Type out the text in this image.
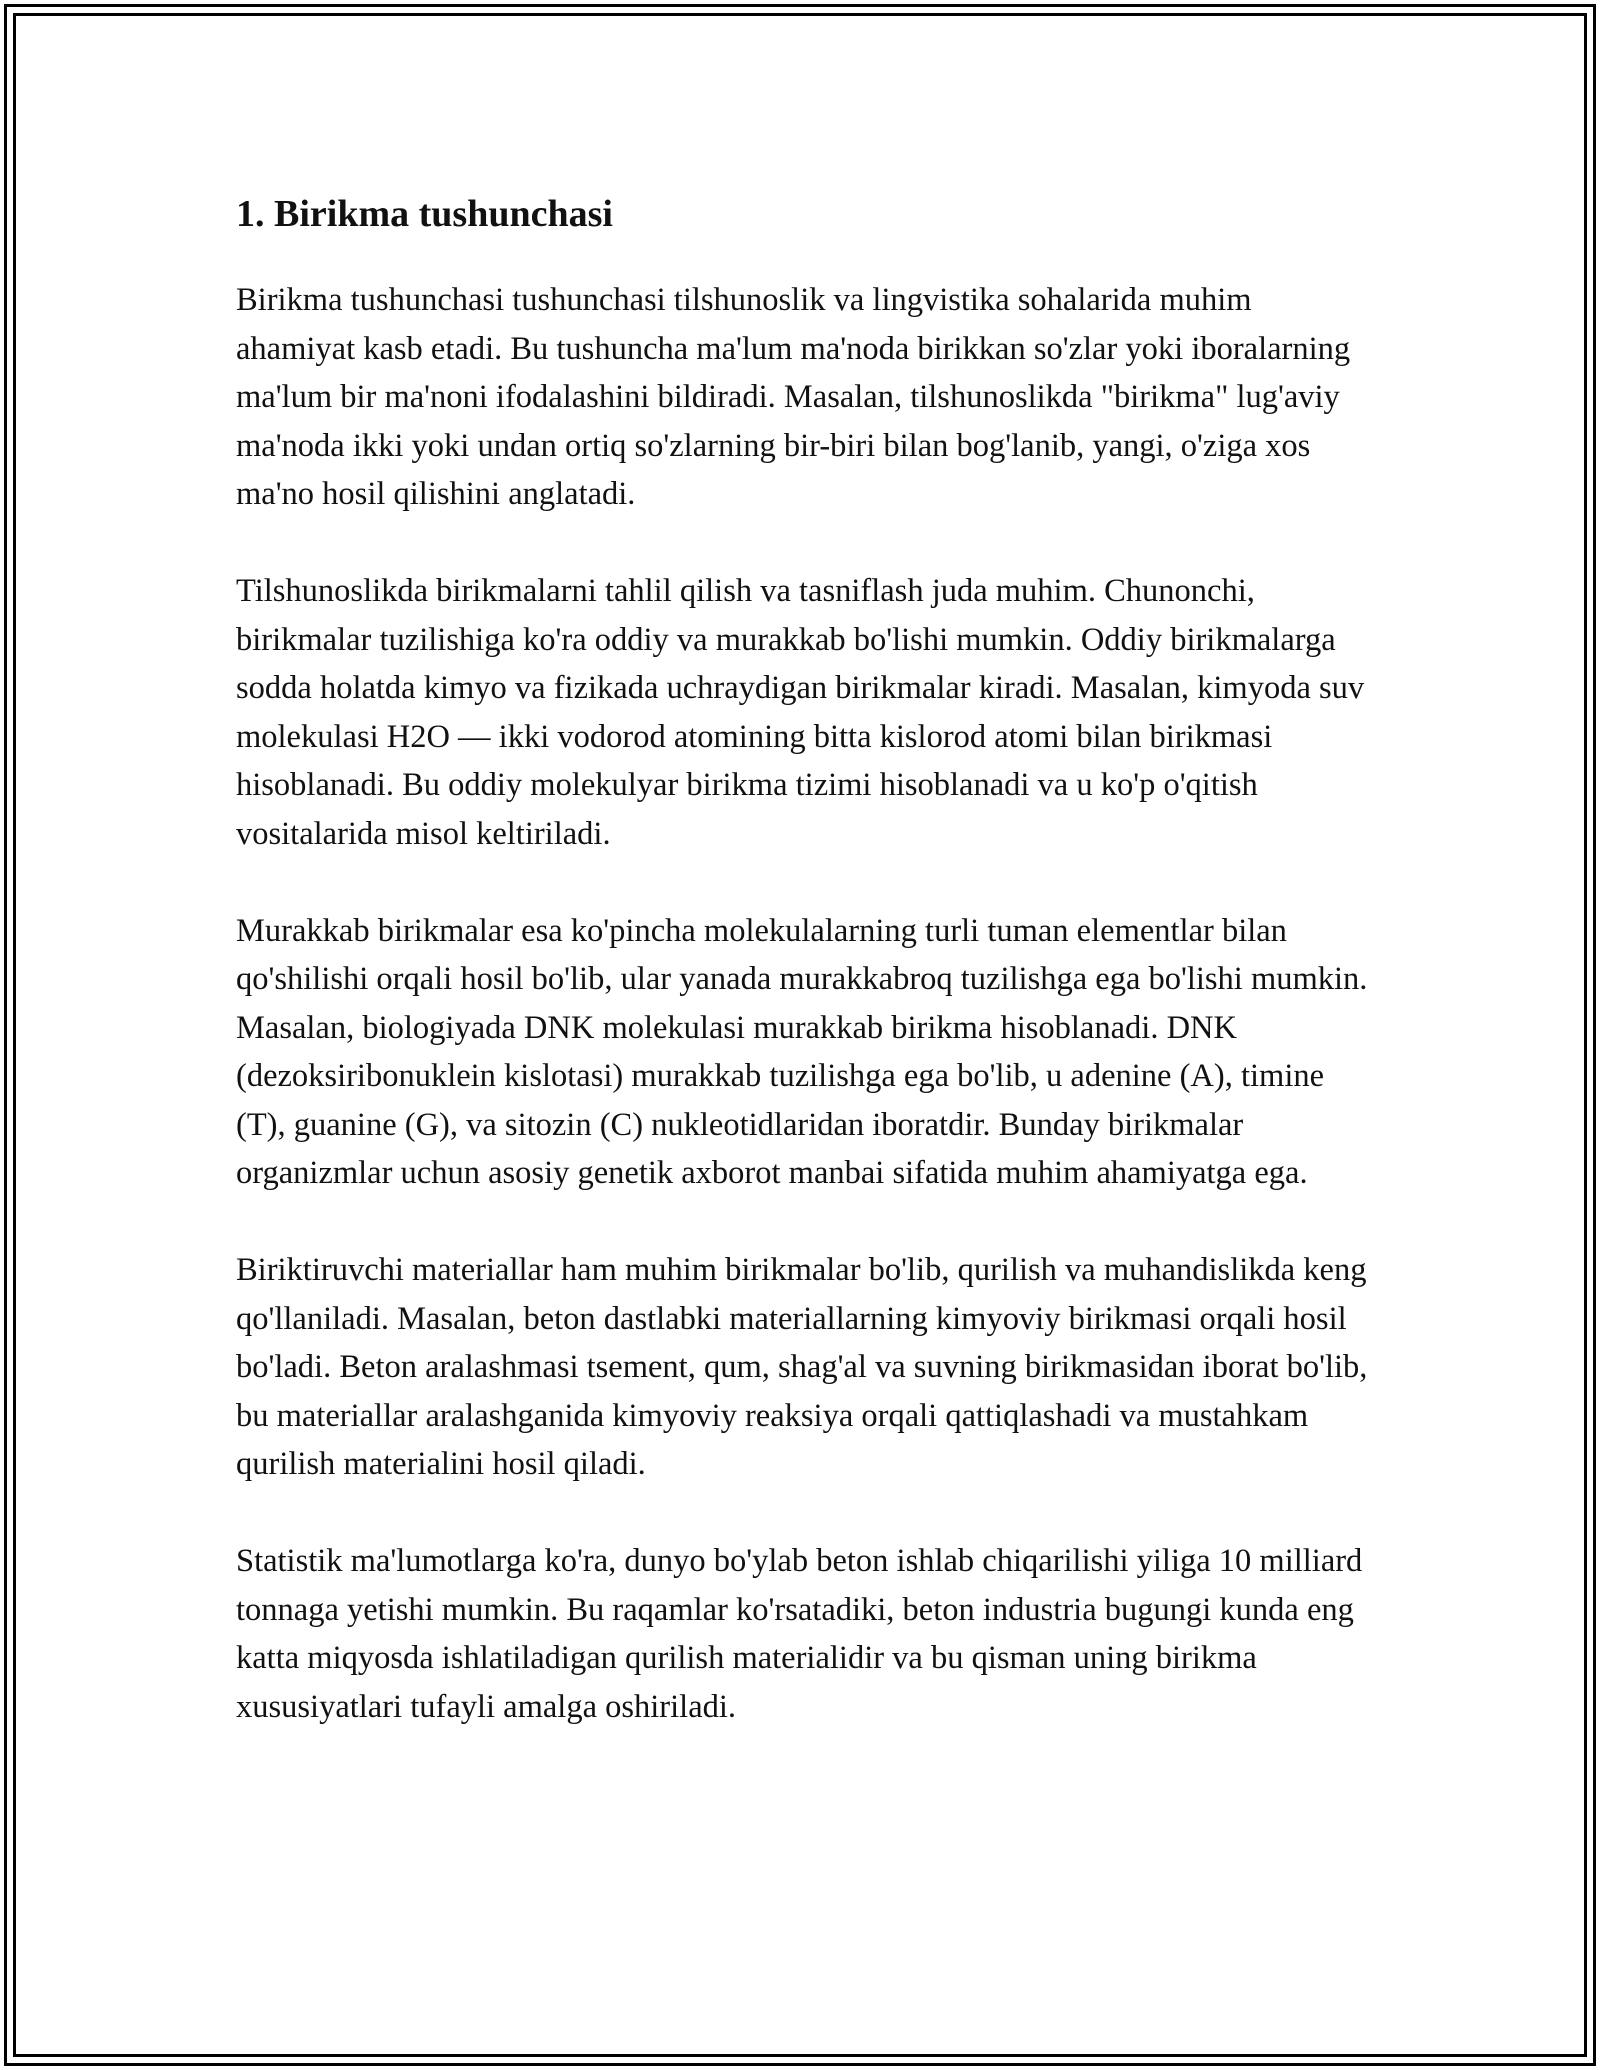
1. Birikma tushunchasi

Birikma tushunchasi tushunchasi tilshunoslik va lingvistika sohalarida muhim ahamiyat kasb etadi. Bu tushuncha ma'lum ma'noda birikkan so'zlar yoki iboralarning ma'lum bir ma'noni ifodalashini bildiradi. Masalan, tilshunoslikda "birikma" lug'aviy ma'noda ikki yoki undan ortiq so'zlarning bir-biri bilan bog'lanib, yangi, o'ziga xos ma'no hosil qilishini anglatadi.

Tilshunoslikda birikmalarni tahlil qilish va tasniflash juda muhim. Chunonchi, birikmalar tuzilishiga ko'ra oddiy va murakkab bo'lishi mumkin. Oddiy birikmalarga sodda holatda kimyo va fizikada uchraydigan birikmalar kiradi. Masalan, kimyoda suv molekulasi H2O — ikki vodorod atomining bitta kislorod atomi bilan birikmasi hisoblanadi. Bu oddiy molekulyar birikma tizimi hisoblanadi va u ko'p o'qitish vositalarida misol keltiriladi.

Murakkab birikmalar esa ko'pincha molekulalarning turli tuman elementlar bilan qo'shilishi orqali hosil bo'lib, ular yanada murakkabroq tuzilishga ega bo'lishi mumkin. Masalan, biologiyada DNK molekulasi murakkab birikma hisoblanadi. DNK (dezoksiribonuklein kislotasi) murakkab tuzilishga ega bo'lib, u adenine (A), timine (T), guanine (G), va sitozin (C) nukleotidlaridan iboratdir. Bunday birikmalar organizmlar uchun asosiy genetik axborot manbai sifatida muhim ahamiyatga ega.

Biriktiruvchi materiallar ham muhim birikmalar bo'lib, qurilish va muhandislikda keng qo'llaniladi. Masalan, beton dastlabki materiallarning kimyoviy birikmasi orqali hosil bo'ladi. Beton aralashmasi tsement, qum, shag'al va suvning birikmasidan iborat bo'lib, bu materiallar aralashganida kimyoviy reaksiya orqali qattiqlashadi va mustahkam qurilish materialini hosil qiladi.

Statistik ma'lumotlarga ko'ra, dunyo bo'ylab beton ishlab chiqarilishi yiliga 10 milliard tonnaga yetishi mumkin. Bu raqamlar ko'rsatadiki, beton industria bugungi kunda eng katta miqyosda ishlatiladigan qurilish materialidir va bu qisman uning birikma xususiyatlari tufayli amalga oshiriladi.
